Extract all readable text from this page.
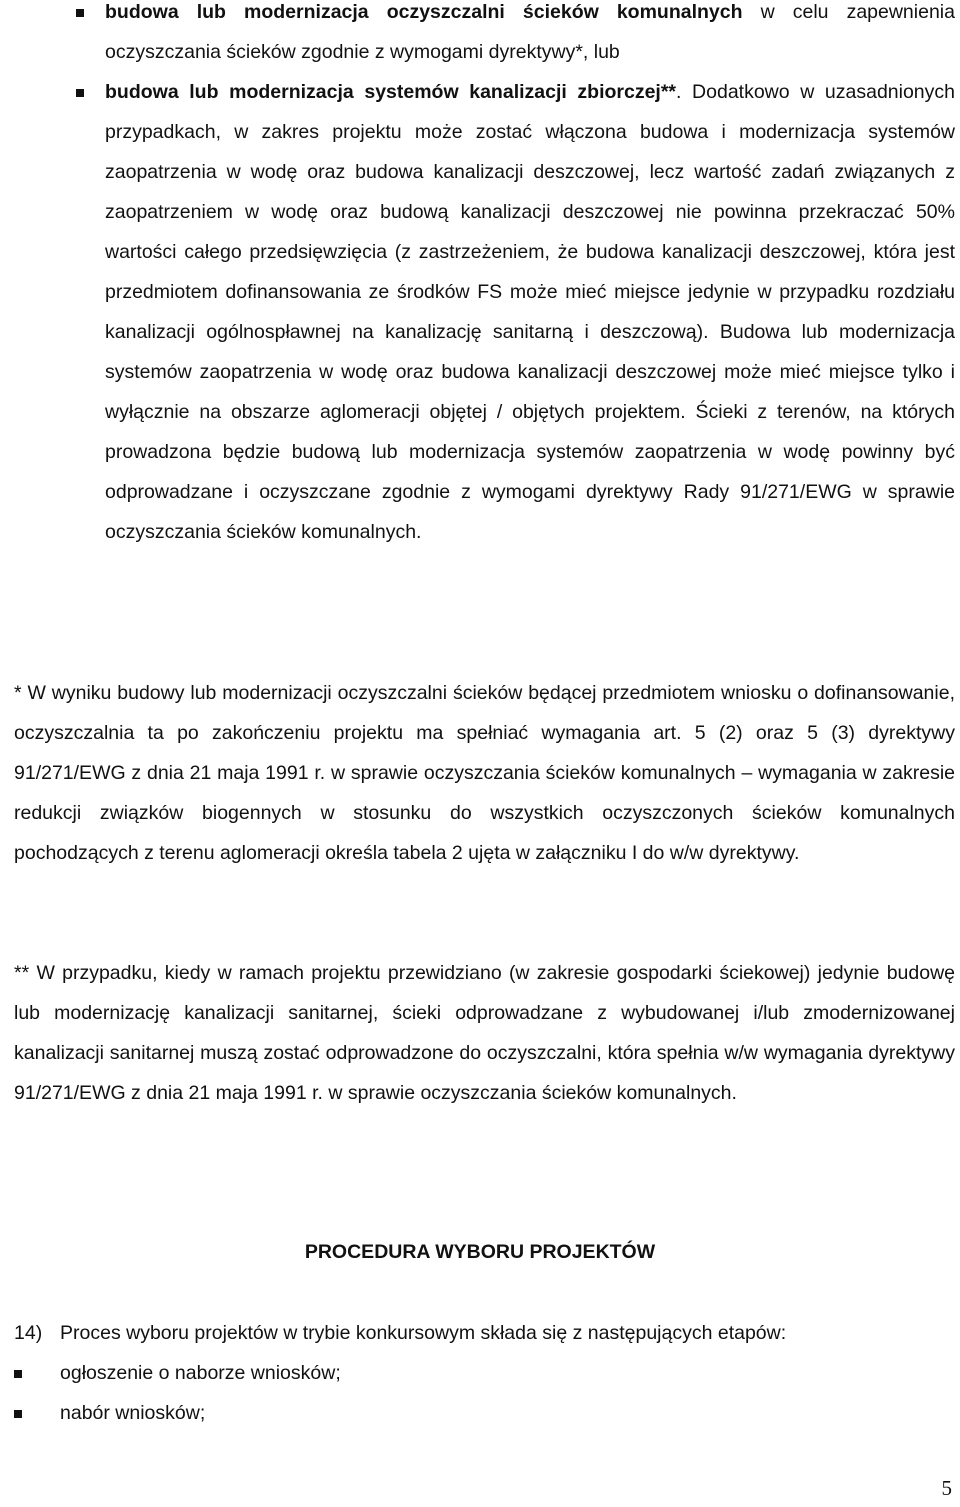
budowa lub modernizacja oczyszczalni ścieków komunalnych w celu zapewnienia oczyszczania ścieków zgodnie z wymogami dyrektywy*, lub
budowa lub modernizacja systemów kanalizacji zbiorczej**. Dodatkowo w uzasadnionych przypadkach, w zakres projektu może zostać włączona budowa i modernizacja systemów zaopatrzenia w wodę oraz budowa kanalizacji deszczowej, lecz wartość zadań związanych z zaopatrzeniem w wodę oraz budową kanalizacji deszczowej nie powinna przekraczać 50% wartości całego przedsięwzięcia (z zastrzeżeniem, że budowa kanalizacji deszczowej, która jest przedmiotem dofinansowania ze środków FS może mieć miejsce jedynie w przypadku rozdziału kanalizacji ogólnospławnej na kanalizację sanitarną i deszczową). Budowa lub modernizacja systemów zaopatrzenia w wodę oraz budowa kanalizacji deszczowej może mieć miejsce tylko i wyłącznie na obszarze aglomeracji objętej / objętych projektem. Ścieki z terenów, na których prowadzona będzie budową lub modernizacja systemów zaopatrzenia w wodę powinny być odprowadzane i oczyszczane zgodnie z wymogami dyrektywy Rady 91/271/EWG w sprawie oczyszczania ścieków komunalnych.
* W wyniku budowy lub modernizacji oczyszczalni ścieków będącej przedmiotem wniosku o dofinansowanie, oczyszczalnia ta po zakończeniu projektu ma spełniać wymagania art. 5 (2) oraz 5 (3) dyrektywy 91/271/EWG z dnia 21 maja 1991 r. w sprawie oczyszczania ścieków komunalnych – wymagania w zakresie redukcji związków biogennych w stosunku do wszystkich oczyszczonych ścieków komunalnych pochodzących z terenu aglomeracji określa tabela 2 ujęta w załączniku I do w/w dyrektywy.
** W przypadku, kiedy w ramach projektu przewidziano (w zakresie gospodarki ściekowej) jedynie budowę lub modernizację kanalizacji sanitarnej, ścieki odprowadzane z wybudowanej i/lub zmodernizowanej kanalizacji sanitarnej muszą zostać odprowadzone do oczyszczalni, która spełnia w/w wymagania dyrektywy 91/271/EWG z dnia 21 maja 1991 r. w sprawie oczyszczania ścieków komunalnych.
PROCEDURA WYBORU PROJEKTÓW
14) Proces wyboru projektów w trybie konkursowym składa się z następujących etapów:
ogłoszenie o naborze wniosków;
nabór wniosków;
5
